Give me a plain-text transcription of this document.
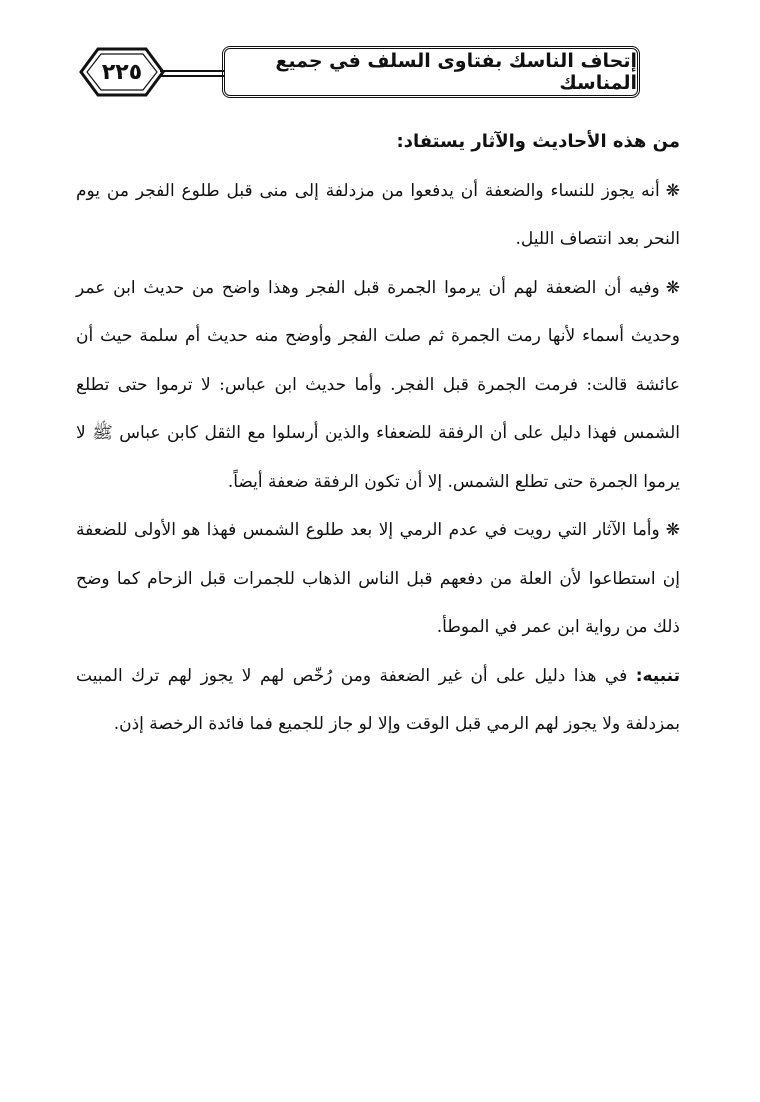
إتحاف الناسك بفتاوى السلف في جميع المناسك
٢٢٥

من هذه الأحاديث والآثار يستفاد:

❋أنه يجوز للنساء والضعفة أن يدفعوا من مزدلفة إلى منى قبل طلوع الفجر من يوم النحر بعد انتصاف الليل.

❋وفيه أن الضعفة لهم أن يرموا الجمرة قبل الفجر وهذا واضح من حديث ابن عمر وحديث أسماء لأنها رمت الجمرة ثم صلت الفجر وأوضح منه حديث أم سلمة حيث أن عائشة قالت: فرمت الجمرة قبل الفجر. وأما حديث ابن عباس: لا ترموا حتى تطلع الشمس فهذا دليل على أن الرفقة للضعفاء والذين أرسلوا مع الثقل كابن عباس ﷺ لا يرموا الجمرة حتى تطلع الشمس. إلا أن تكون الرفقة ضعفة أيضاً.

❋وأما الآثار التي رويت في عدم الرمي إلا بعد طلوع الشمس فهذا هو الأولى للضعفة إن استطاعوا لأن العلة من دفعهم قبل الناس الذهاب للجمرات قبل الزحام كما وضح ذلك من رواية ابن عمر في الموطأ.

تنبيه: في هذا دليل على أن غير الضعفة ومن رُخّص لهم لا يجوز لهم ترك المبيت بمزدلفة ولا يجوز لهم الرمي قبل الوقت وإلا لو جاز للجميع فما فائدة الرخصة إذن.
